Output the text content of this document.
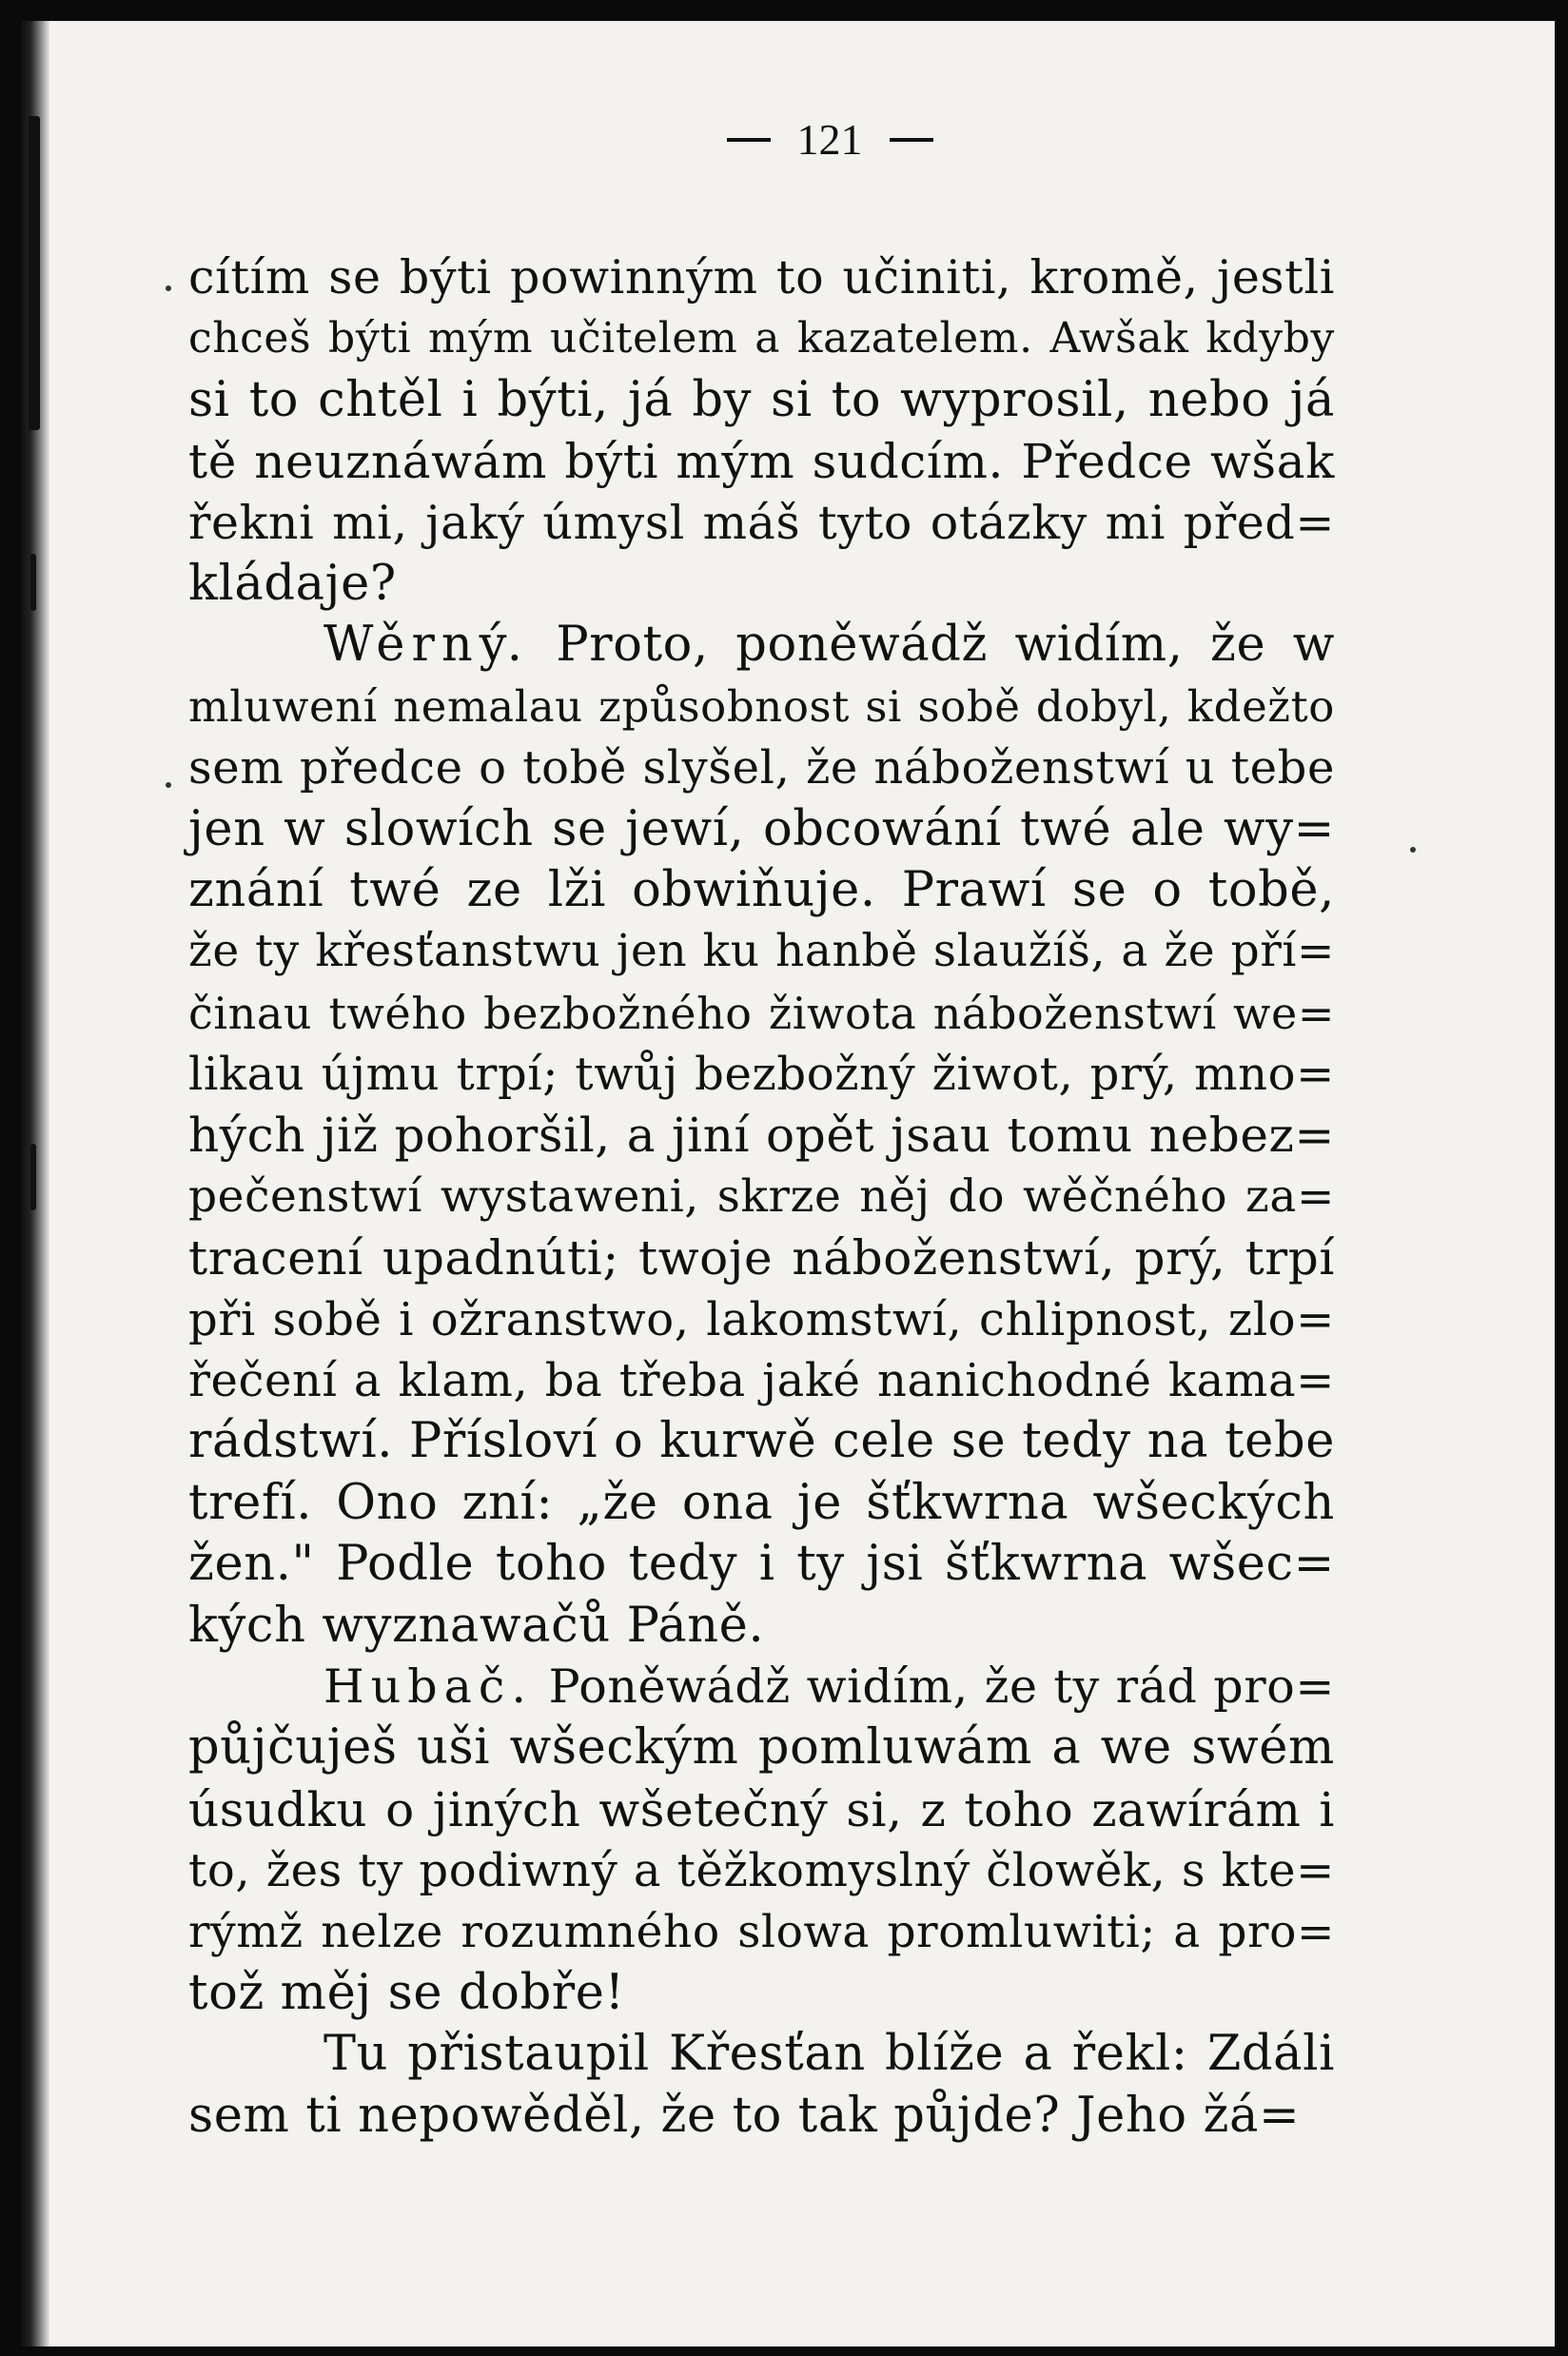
121
cítím se býti powinným to učiniti, kromě, jestli
chceš býti mým učitelem a kazatelem. Awšak kdyby
si to chtěl i býti, já by si to wyprosil, nebo já
tě neuznáwám býti mým sudcím. Předce wšak
řekni mi, jaký úmysl máš tyto otázky mi před=
kládaje?
Wěrný. Proto, poněwádž widím, že w
mluwení nemalau způsobnost si sobě dobyl, kdežto
sem předce o tobě slyšel, že náboženstwí u tebe
jen w slowích se jewí, obcowání twé ale wy=
znání twé ze lži obwiňuje. Prawí se o tobě,
že ty křesťanstwu jen ku hanbě slaužíš, a že pří=
činau twého bezbožného žiwota náboženstwí we=
likau újmu trpí; twůj bezbožný žiwot, prý, mno=
hých již pohoršil, a jiní opět jsau tomu nebez=
pečenstwí wystaweni, skrze něj do wěčného za=
tracení upadnúti; twoje náboženstwí, prý, trpí
při sobě i ožranstwo, lakomstwí, chlipnost, zlo=
řečení a klam, ba třeba jaké nanichodné kama=
rádstwí. Přísloví o kurwě cele se tedy na tebe
trefí. Ono zní: „že ona je šťkwrna wšeckých
žen." Podle toho tedy i ty jsi šťkwrna wšec=
kých wyznawačů Páně.
Hubač. Poněwádž widím, že ty rád pro=
půjčuješ uši wšeckým pomluwám a we swém
úsudku o jiných wšetečný si, z toho zawírám i
to, žes ty podiwný a těžkomyslný člowěk, s kte=
rýmž nelze rozumného slowa promluwiti; a pro=
tož měj se dobře!
Tu přistaupil Křesťan blíže a řekl: Zdáli
sem ti nepowěděl, že to tak půjde? Jeho žá=
